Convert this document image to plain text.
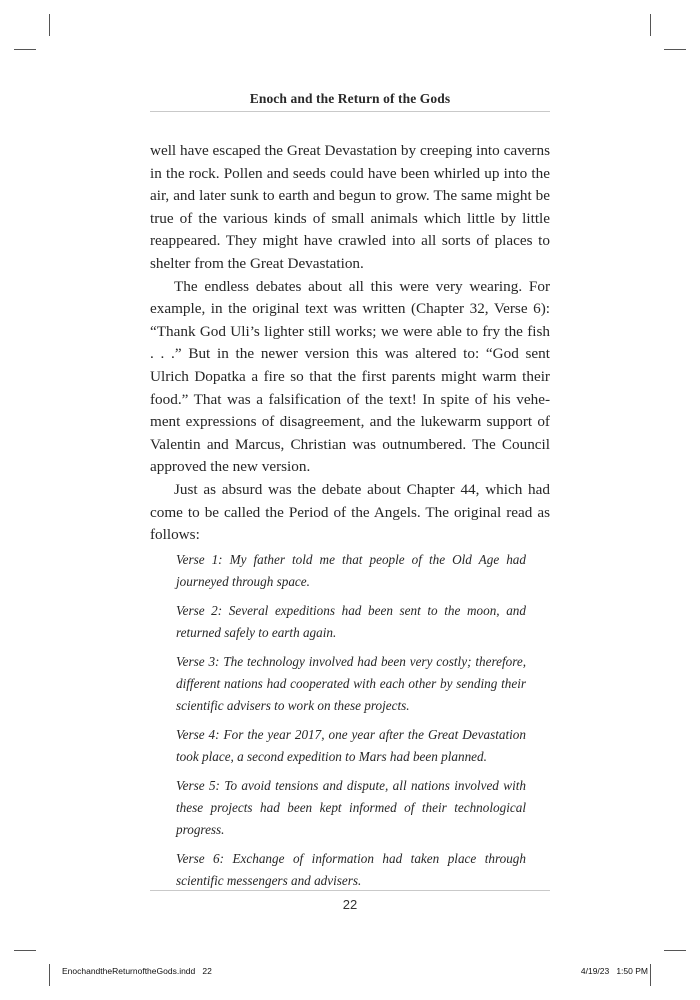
Enoch and the Return of the Gods

well have escaped the Great Devastation by creeping into caverns in the rock. Pollen and seeds could have been whirled up into the air, and later sunk to earth and begun to grow. The same might be true of the various kinds of small animals which little by little reappeared. They might have crawled into all sorts of places to shelter from the Great Devastation.

The endless debates about all this were very wearing. For example, in the original text was written (Chapter 32, Verse 6): “Thank God Uli’s lighter still works; we were able to fry the fish . . .” But in the newer version this was altered to: “God sent Ulrich Dopatka a fire so that the first parents might warm their food.” That was a falsification of the text! In spite of his vehement expressions of disagreement, and the lukewarm support of Valentin and Marcus, Christian was outnumbered. The Council approved the new version.

Just as absurd was the debate about Chapter 44, which had come to be called the Period of the Angels. The original read as follows:

Verse 1: My father told me that people of the Old Age had journeyed through space.

Verse 2: Several expeditions had been sent to the moon, and returned safely to earth again.

Verse 3: The technology involved had been very costly; therefore, different nations had cooperated with each other by sending their scientific advisers to work on these projects.

Verse 4: For the year 2017, one year after the Great Devastation took place, a second expedition to Mars had been planned.

Verse 5: To avoid tensions and dispute, all nations involved with these projects had been kept informed of their technological progress.

Verse 6: Exchange of information had taken place through scientific messengers and advisers.

22
EnochandtheReturnoftheGods.indd   22	4/19/23   1:50 PM
